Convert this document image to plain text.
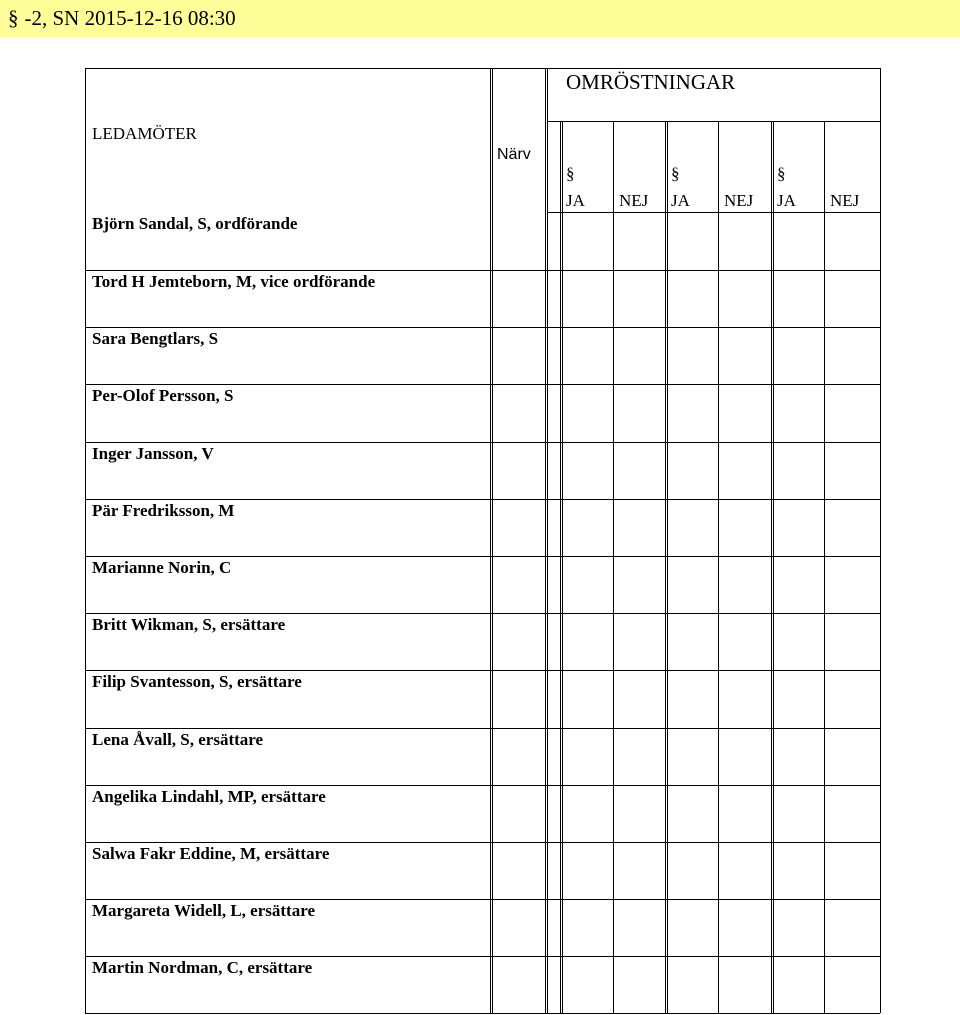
§ -2, SN 2015-12-16 08:30
LEDAMÖTER
Närv
OMRÖSTNINGAR
§
JA NEJ
§
JA NEJ
§
JA NEJ
Björn Sandal, S, ordförande
Tord H Jemteborn, M, vice ordförande
Sara Bengtlars, S
Per-Olof Persson, S
Inger Jansson, V
Pär Fredriksson, M
Marianne Norin, C
Britt Wikman, S, ersättare
Filip Svantesson, S, ersättare
Lena Åvall, S, ersättare
Angelika Lindahl, MP, ersättare
Salwa Fakr Eddine, M, ersättare
Margareta Widell, L, ersättare
Martin Nordman, C, ersättare
